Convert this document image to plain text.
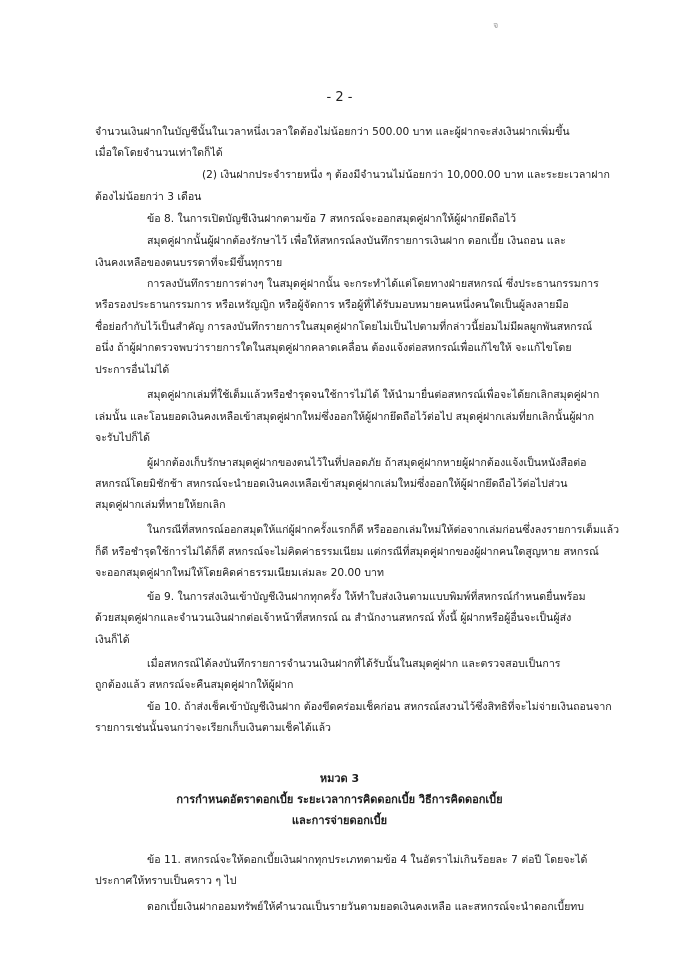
จ
- 2 -
จำนวนเงินฝากในบัญชีนั้นในเวลาหนึ่งเวลาใดต้องไม่น้อยกว่า 500.00 บาท และผู้ฝากจะส่งเงินฝากเพิ่มขึ้น
เมื่อใดโดยจำนวนเท่าใดก็ได้
(2) เงินฝากประจำรายหนึ่ง ๆ ต้องมีจำนวนไม่น้อยกว่า 10,000.00 บาท และระยะเวลาฝาก
ต้องไม่น้อยกว่า 3 เดือน
ข้อ 8. ในการเปิดบัญชีเงินฝากตามข้อ 7 สหกรณ์จะออกสมุดคู่ฝากให้ผู้ฝากยึดถือไว้
สมุดคู่ฝากนั้นผู้ฝากต้องรักษาไว้ เพื่อให้สหกรณ์ลงบันทึกรายการเงินฝาก ดอกเบี้ย เงินถอน และ
เงินคงเหลือของตนบรรดาที่จะมีขึ้นทุกราย
การลงบันทึกรายการต่างๆ ในสมุดคู่ฝากนั้น จะกระทำได้แต่โดยทางฝ่ายสหกรณ์ ซึ่งประธานกรรมการ
หรือรองประธานกรรมการ หรือเหรัญญิก หรือผู้จัดการ หรือผู้ที่ได้รับมอบหมายคนหนึ่งคนใดเป็นผู้ลงลายมือ
ชื่อย่อกำกับไว้เป็นสำคัญ การลงบันทึกรายการในสมุดคู่ฝากโดยไม่เป็นไปตามที่กล่าวนี้ย่อมไม่มีผลผูกพันสหกรณ์
อนึ่ง ถ้าผู้ฝากตรวจพบว่ารายการใดในสมุดคู่ฝากคลาดเคลื่อน ต้องแจ้งต่อสหกรณ์เพื่อแก้ไขให้ จะแก้ไขโดย
ประการอื่นไม่ได้
สมุดคู่ฝากเล่มที่ใช้เต็มแล้วหรือชำรุดจนใช้การไม่ได้ ให้นำมายื่นต่อสหกรณ์เพื่อจะได้ยกเลิกสมุดคู่ฝาก
เล่มนั้น และโอนยอดเงินคงเหลือเข้าสมุดคู่ฝากใหม่ซึ่งออกให้ผู้ฝากยึดถือไว้ต่อไป สมุดคู่ฝากเล่มที่ยกเลิกนั้นผู้ฝาก
จะรับไปก็ได้
ผู้ฝากต้องเก็บรักษาสมุดคู่ฝากของตนไว้ในที่ปลอดภัย ถ้าสมุดคู่ฝากหายผู้ฝากต้องแจ้งเป็นหนังสือต่อ
สหกรณ์โดยมิชักช้า สหกรณ์จะนำยอดเงินคงเหลือเข้าสมุดคู่ฝากเล่มใหม่ซึ่งออกให้ผู้ฝากยึดถือไว้ต่อไปส่วน
สมุดคู่ฝากเล่มที่หายให้ยกเลิก
ในกรณีที่สหกรณ์ออกสมุดให้แก่ผู้ฝากครั้งแรกก็ดี หรือออกเล่มใหม่ให้ต่อจากเล่มก่อนซึ่งลงรายการเต็มแล้ว
ก็ดี หรือชำรุดใช้การไม่ได้ก็ดี สหกรณ์จะไม่คิดค่าธรรมเนียม แต่กรณีที่สมุดคู่ฝากของผู้ฝากคนใดสูญหาย สหกรณ์
จะออกสมุดคู่ฝากใหม่ให้โดยคิดค่าธรรมเนียมเล่มละ 20.00 บาท
ข้อ 9. ในการส่งเงินเข้าบัญชีเงินฝากทุกครั้ง ให้ทำใบส่งเงินตามแบบพิมพ์ที่สหกรณ์กำหนดยื่นพร้อม
ด้วยสมุดคู่ฝากและจำนวนเงินฝากต่อเจ้าหน้าที่สหกรณ์ ณ สำนักงานสหกรณ์ ทั้งนี้ ผู้ฝากหรือผู้อื่นจะเป็นผู้ส่ง
เงินก็ได้
เมื่อสหกรณ์ได้ลงบันทึกรายการจำนวนเงินฝากที่ได้รับนั้นในสมุดคู่ฝาก และตรวจสอบเป็นการ
ถูกต้องแล้ว สหกรณ์จะคืนสมุดคู่ฝากให้ผู้ฝาก
ข้อ 10. ถ้าส่งเช็คเข้าบัญชีเงินฝาก ต้องขีดคร่อมเช็คก่อน สหกรณ์สงวนไว้ซึ่งสิทธิที่จะไม่จ่ายเงินถอนจาก
รายการเช่นนั้นจนกว่าจะเรียกเก็บเงินตามเช็คได้แล้ว
หมวด 3
การกำหนดอัตราดอกเบี้ย ระยะเวลาการคิดดอกเบี้ย วิธีการคิดดอกเบี้ย
และการจ่ายดอกเบี้ย
ข้อ 11. สหกรณ์จะให้ดอกเบี้ยเงินฝากทุกประเภทตามข้อ 4 ในอัตราไม่เกินร้อยละ 7 ต่อปี โดยจะได้
ประกาศให้ทราบเป็นคราว ๆ ไป
ดอกเบี้ยเงินฝากออมทรัพย์ให้คำนวณเป็นรายวันตามยอดเงินคงเหลือ และสหกรณ์จะนำดอกเบี้ยทบ
